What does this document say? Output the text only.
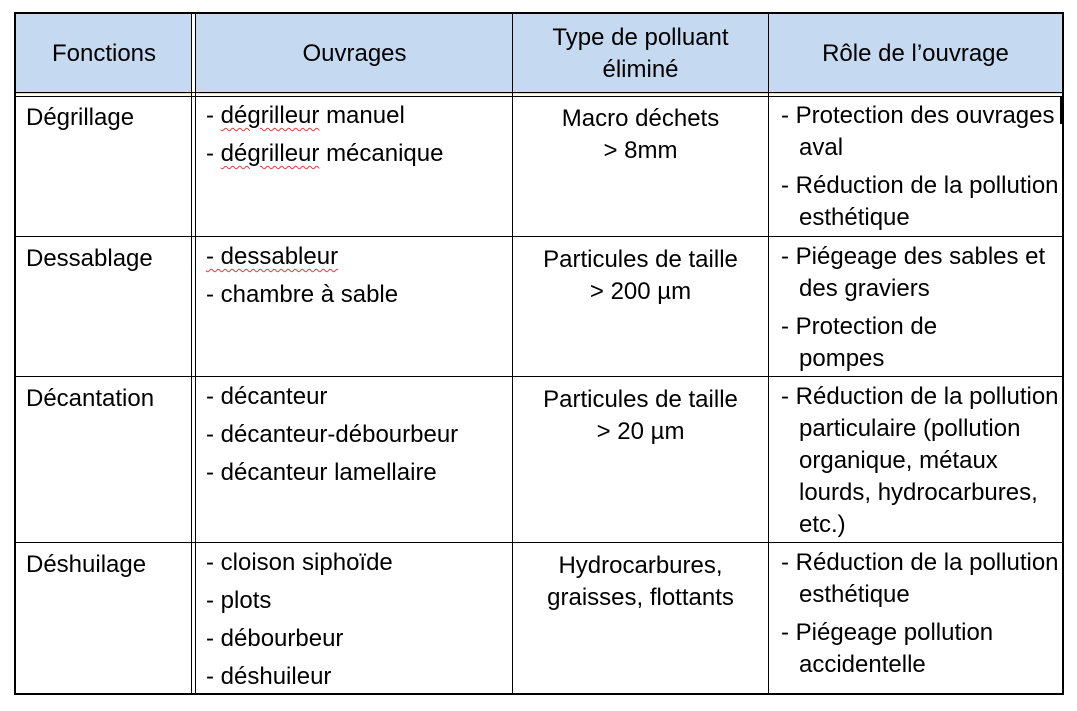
Fonctions	Ouvrages
Type de polluant éliminé
Rôle de l’ouvrage
Dégrillage	- dégrilleur manuel
- dégrilleur mécanique
Macro déchets
> 8mm
- Protection des ouvrages aval
- Réduction de la pollution esthétique
Dessablage - dessableur
- chambre à sable
Particules de taille
> 200 µm
- Piégeage des sables et des graviers
- Protection de pompes
Décantation - décanteur
- décanteur-débourbeur
- décanteur lamellaire
Particules de taille
> 20 µm
- Réduction de la pollution particulaire (pollution organique, métaux lourds, hydrocarbures, etc.)
Déshuilage - cloison siphoïde
- plots
- débourbeur
- déshuileur
Hydrocarbures,
graisses, flottants
- Réduction de la pollution esthétique
- Piégeage pollution accidentelle
